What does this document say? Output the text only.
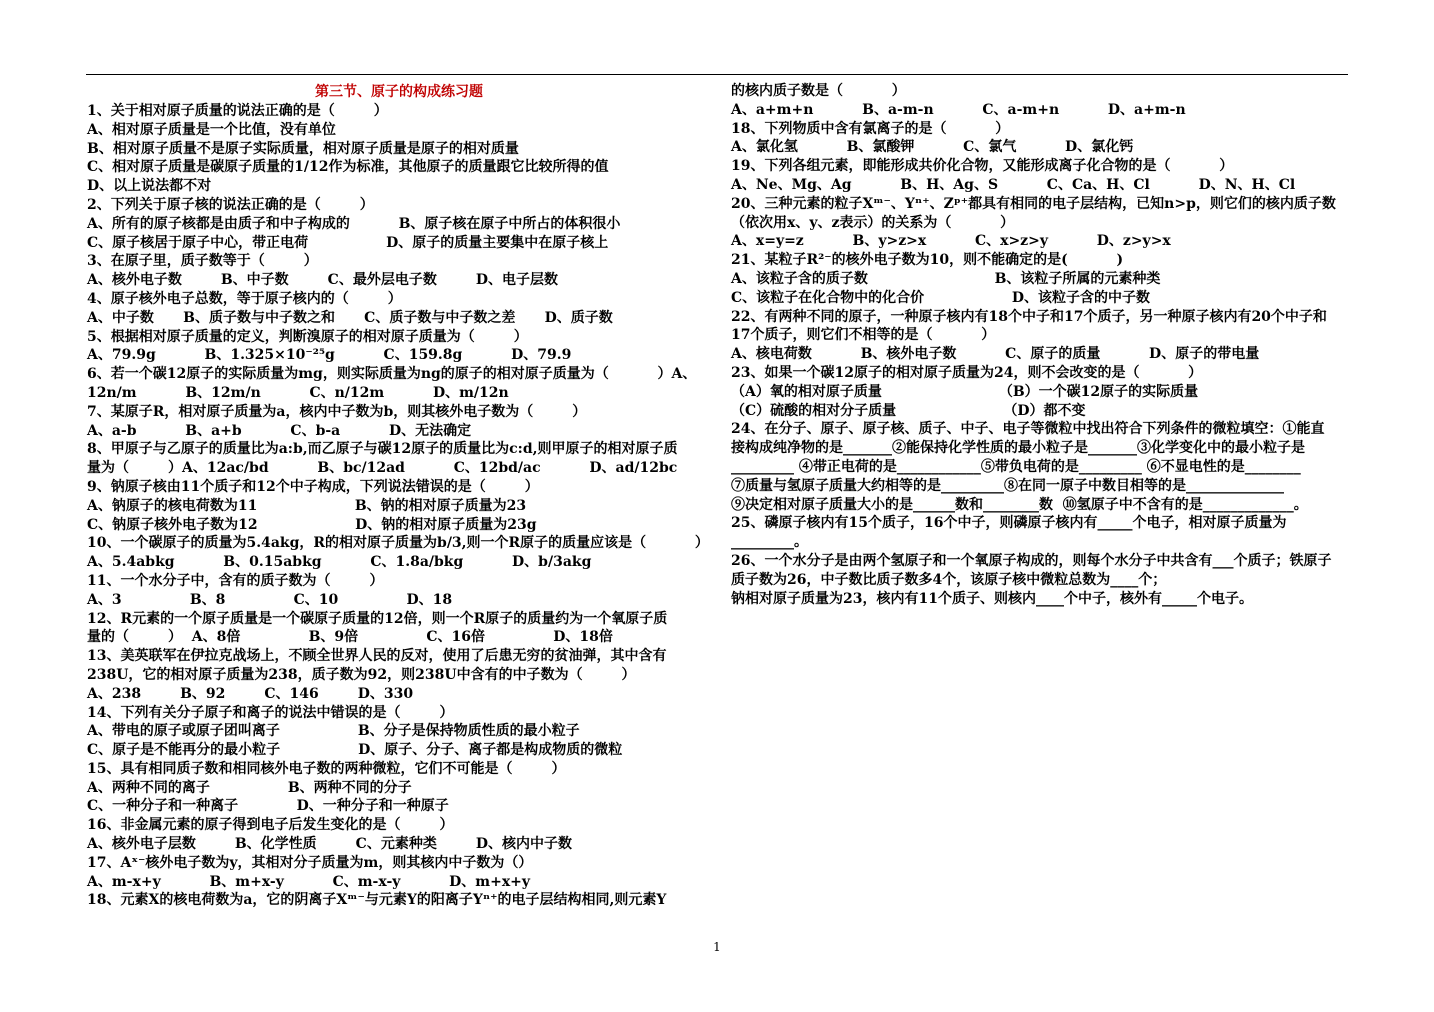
第三节、原子的构成练习题
1、关于相对原子质量的说法正确的是（        ）
A、相对原子质量是一个比值，没有单位
B、相对原子质量不是原子实际质量，相对原子质量是原子的相对质量
C、相对原子质量是碳原子质量的1/12作为标准，其他原子的质量跟它比较所得的值
D、以上说法都不对
2、下列关于原子核的说法正确的是（        ）
A、所有的原子核都是由质子和中子构成的          B、原子核在原子中所占的体积很小
C、原子核居于原子中心，带正电荷                D、原子的质量主要集中在原子核上
3、在原子里，质子数等于（        ）
A、核外电子数        B、中子数        C、最外层电子数        D、电子层数
4、原子核外电子总数，等于原子核内的（        ）
A、中子数      B、质子数与中子数之和      C、质子数与中子数之差      D、质子数
5、根据相对原子质量的定义，判断溴原子的相对原子质量为（        ）
A、79.9g          B、1.325×10⁻²⁵g          C、159.8g          D、79.9
6、若一个碳12原子的实际质量为mg，则实际质量为ng的原子的相对原子质量为（          ）A、
12n/m          B、12m/n          C、n/12m          D、m/12n
7、某原子R，相对原子质量为a，核内中子数为b，则其核外电子数为（        ）
A、a-b          B、a+b          C、b-a          D、无法确定
8、甲原子与乙原子的质量比为a:b,而乙原子与碳12原子的质量比为c:d,则甲原子的相对原子质
量为（        ）A、12ac/bd          B、bc/12ad          C、12bd/ac          D、ad/12bc
9、钠原子核由11个质子和12个中子构成，下列说法错误的是（        ）
A、钠原子的核电荷数为11                    B、钠的相对原子质量为23
C、钠原子核外电子数为12                    D、钠的相对原子质量为23g
10、一个碳原子的质量为5.4akg，R的相对原子质量为b/3,则一个R原子的质量应该是（          ）
A、5.4abkg          B、0.15abkg          C、1.8a/bkg          D、b/3akg
11、一个水分子中，含有的质子数为（        ）
A、3              B、8              C、10              D、18
12、R元素的一个原子质量是一个碳原子质量的12倍，则一个R原子的质量约为一个氧原子质
量的（        ）  A、8倍              B、9倍              C、16倍              D、18倍
13、美英联军在伊拉克战场上，不顾全世界人民的反对，使用了后患无穷的贫油弹，其中含有
238U，它的相对原子质量为238，质子数为92，则238U中含有的中子数为（        ）
A、238        B、92        C、146        D、330
14、下列有关分子原子和离子的说法中错误的是（        ）
A、带电的原子或原子团叫离子                B、分子是保持物质性质的最小粒子
C、原子是不能再分的最小粒子                D、原子、分子、离子都是构成物质的微粒
15、具有相同质子数和相同核外电子数的两种微粒，它们不可能是（        ）
A、两种不同的离子                B、两种不同的分子
C、一种分子和一种离子            D、一种分子和一种原子
16、非金属元素的原子得到电子后发生变化的是（        ）
A、核外电子层数        B、化学性质        C、元素种类        D、核内中子数
17、Aˣ⁻核外电子数为y，其相对分子质量为m，则其核内中子数为（）
A、m-x+y          B、m+x-y          C、m-x-y          D、m+x+y
18、元素X的核电荷数为a，它的阴离子Xᵐ⁻与元素Y的阳离子Yⁿ⁺的电子层结构相同,则元素Y
的核内质子数是（          ）
A、a+m+n          B、a-m-n          C、a-m+n          D、a+m-n
18、下列物质中含有氯离子的是（          ）
A、氯化氢          B、氯酸钾          C、氯气          D、氯化钙
19、下列各组元素，即能形成共价化合物，又能形成离子化合物的是（          ）
A、Ne、Mg、Ag          B、H、Ag、S          C、Ca、H、Cl          D、N、H、Cl
20、三种元素的粒子Xᵐ⁻、Yⁿ⁺、Zᵖ⁺都具有相同的电子层结构，已知n>p，则它们的核内质子数
（依次用x、y、z表示）的关系为（          ）
A、x=y=z          B、y>z>x          C、x>z>y          D、z>y>x
21、某粒子R²⁻的核外电子数为10，则不能确定的是(          )
A、该粒子含的质子数                          B、该粒子所属的元素种类
C、该粒子在化合物中的化合价                  D、该粒子含的中子数
22、有两种不同的原子，一种原子核内有18个中子和17个质子，另一种原子核内有20个中子和
17个质子，则它们不相等的是（          ）
A、核电荷数          B、核外电子数          C、原子的质量          D、原子的带电量
23、如果一个碳12原子的相对原子质量为24，则不会改变的是（          ）
（A）氧的相对原子质量                        （B）一个碳12原子的实际质量
（C）硫酸的相对分子质量                      （D）都不变
24、在分子、原子、原子核、质子、中子、电子等微粒中找出符合下列条件的微粒填空：①能直
接构成纯净物的是_______②能保持化学性质的最小粒子是_______③化学变化中的最小粒子是
_________ ④带正电荷的是____________⑤带负电荷的是_________ ⑥不显电性的是________
⑦质量与氢原子质量大约相等的是_________⑧在同一原子中数目相等的是______________
⑨决定相对原子质量大小的是______数和________数  ⑩氢原子中不含有的是_____________。
25、磷原子核内有15个质子，16个中子，则磷原子核内有_____个电子，相对原子质量为
_________。
26、一个水分子是由两个氢原子和一个氧原子构成的，则每个水分子中共含有___个质子；铁原子
质子数为26，中子数比质子数多4个，该原子核中微粒总数为____个；
钠相对原子质量为23，核内有11个质子、则核内____个中子，核外有_____个电子。
1
